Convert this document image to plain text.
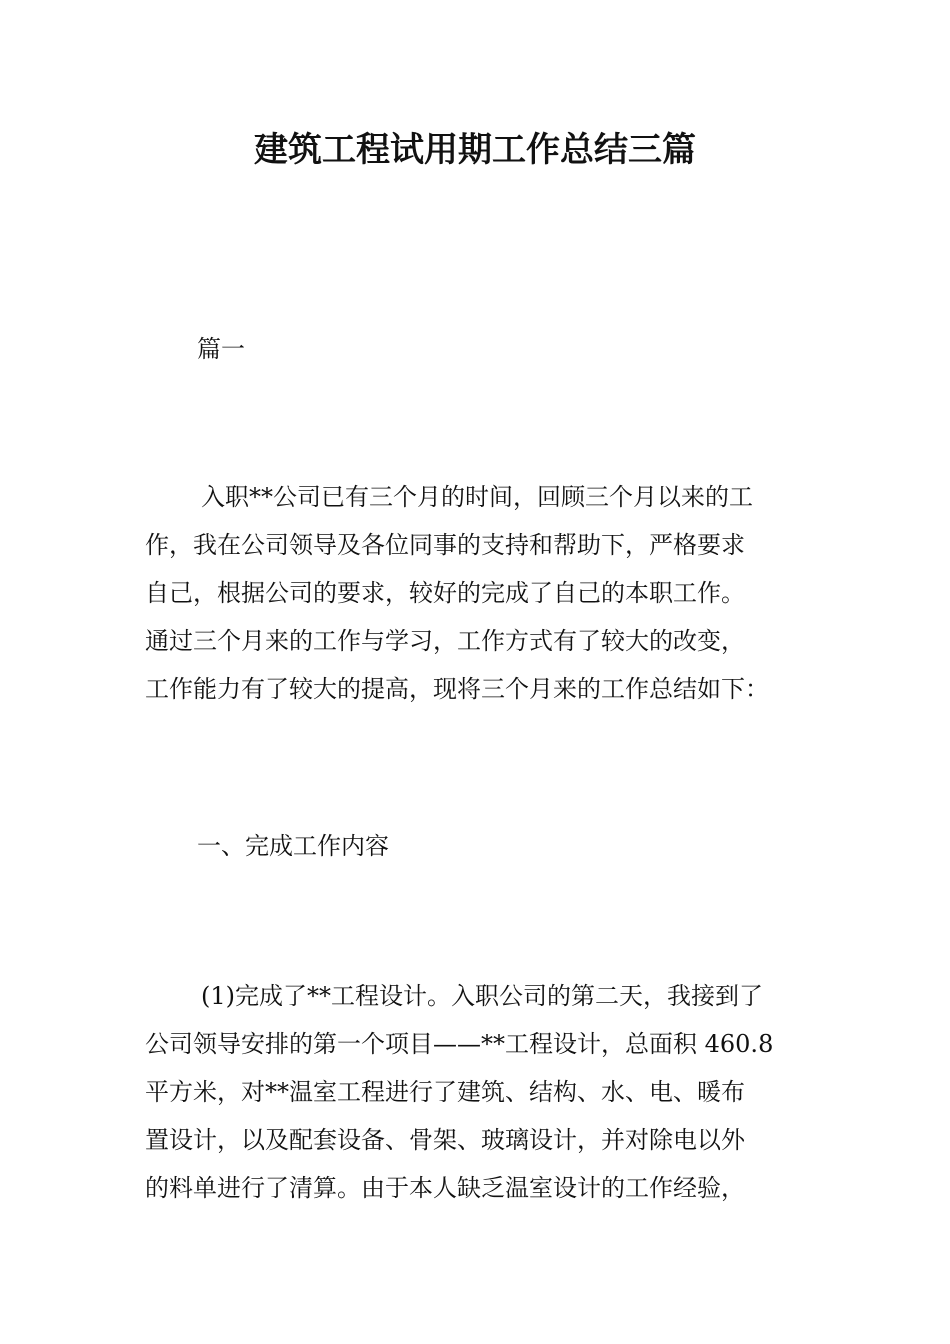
建筑工程试用期工作总结三篇
篇一
入职**公司已有三个月的时间，回顾三个月以来的工
作，我在公司领导及各位同事的支持和帮助下，严格要求
自己，根据公司的要求，较好的完成了自己的本职工作。
通过三个月来的工作与学习，工作方式有了较大的改变，
工作能力有了较大的提高，现将三个月来的工作总结如下：
一、完成工作内容
(1)完成了**工程设计。入职公司的第二天，我接到了
公司领导安排的第一个项目——**工程设计，总面积 460.8
平方米，对**温室工程进行了建筑、结构、水、电、暖布
置设计，以及配套设备、骨架、玻璃设计，并对除电以外
的料单进行了清算。由于本人缺乏温室设计的工作经验，
